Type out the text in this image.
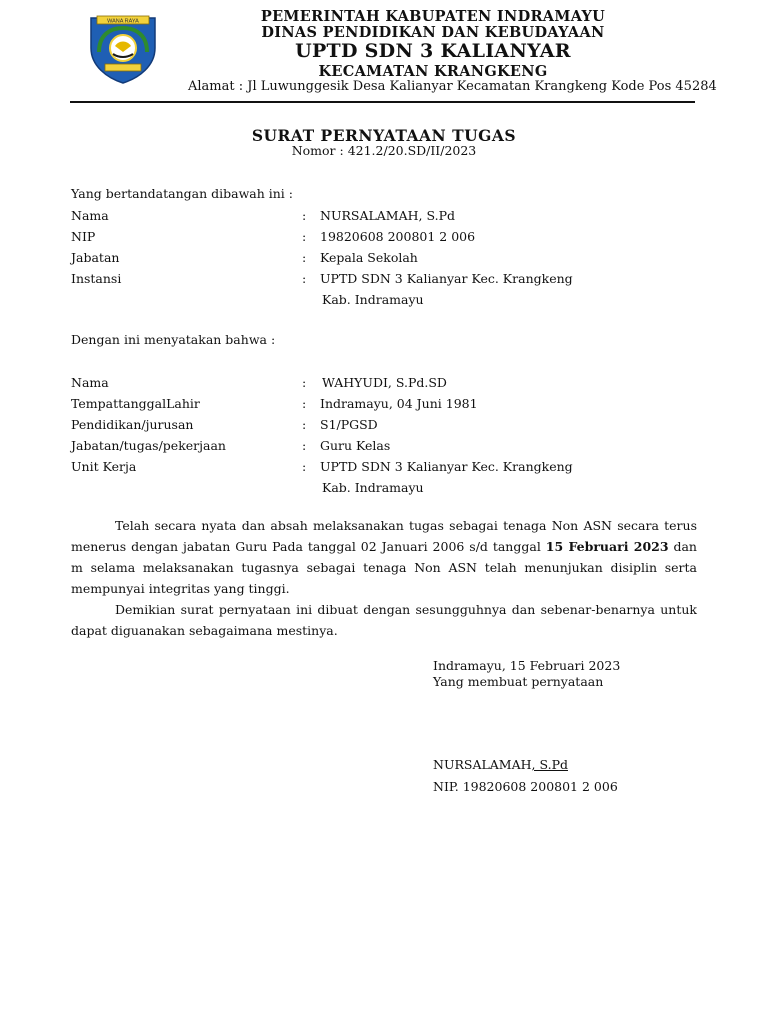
WANA RAYA	PEMERINTAH KABUPATEN INDRAMAYU
DINAS PENDIDIKAN DAN KEBUDAYAAN
UPTD SDN 3 KALIANYAR
KECAMATAN KRANGKENG
Alamat : Jl Luwunggesik Desa Kalianyar Kecamatan Krangkeng Kode Pos 45284
SURAT PERNYATAAN TUGAS
Nomor : 421.2/20.SD/II/2023
Yang bertandatangan dibawah ini :
Nama	: NURSALAMAH, S.Pd
NIP	: 19820608 200801 2 006
Jabatan	: Kepala Sekolah
Instansi	: UPTD SDN 3 Kalianyar Kec. Krangkeng
Kab. Indramayu
Dengan ini menyatakan bahwa :
Nama	: WAHYUDI, S.Pd.SD
TempattanggalLahir	: Indramayu, 04 Juni 1981
Pendidikan/jurusan	: S1/PGSD
Jabatan/tugas/pekerjaan	: Guru Kelas
Unit Kerja	: UPTD SDN 3 Kalianyar Kec. Krangkeng
Kab. Indramayu

Telah secara nyata dan absah melaksanakan tugas sebagai tenaga Non ASN secara terus menerus dengan jabatan Guru Pada tanggal 02 Januari 2006 s/d tanggal 15 Februari 2023 dan m selama melaksanakan tugasnya sebagai tenaga Non ASN telah menunjukan disiplin serta mempunyai integritas yang tinggi.

Demikian surat pernyataan ini dibuat dengan sesungguhnya dan sebenar-benarnya untuk dapat diguanakan sebagaimana mestinya.

Indramayu, 15 Februari 2023
Yang membuat pernyataan
NURSALAMAH, S.Pd
NIP. 19820608 200801 2 006
